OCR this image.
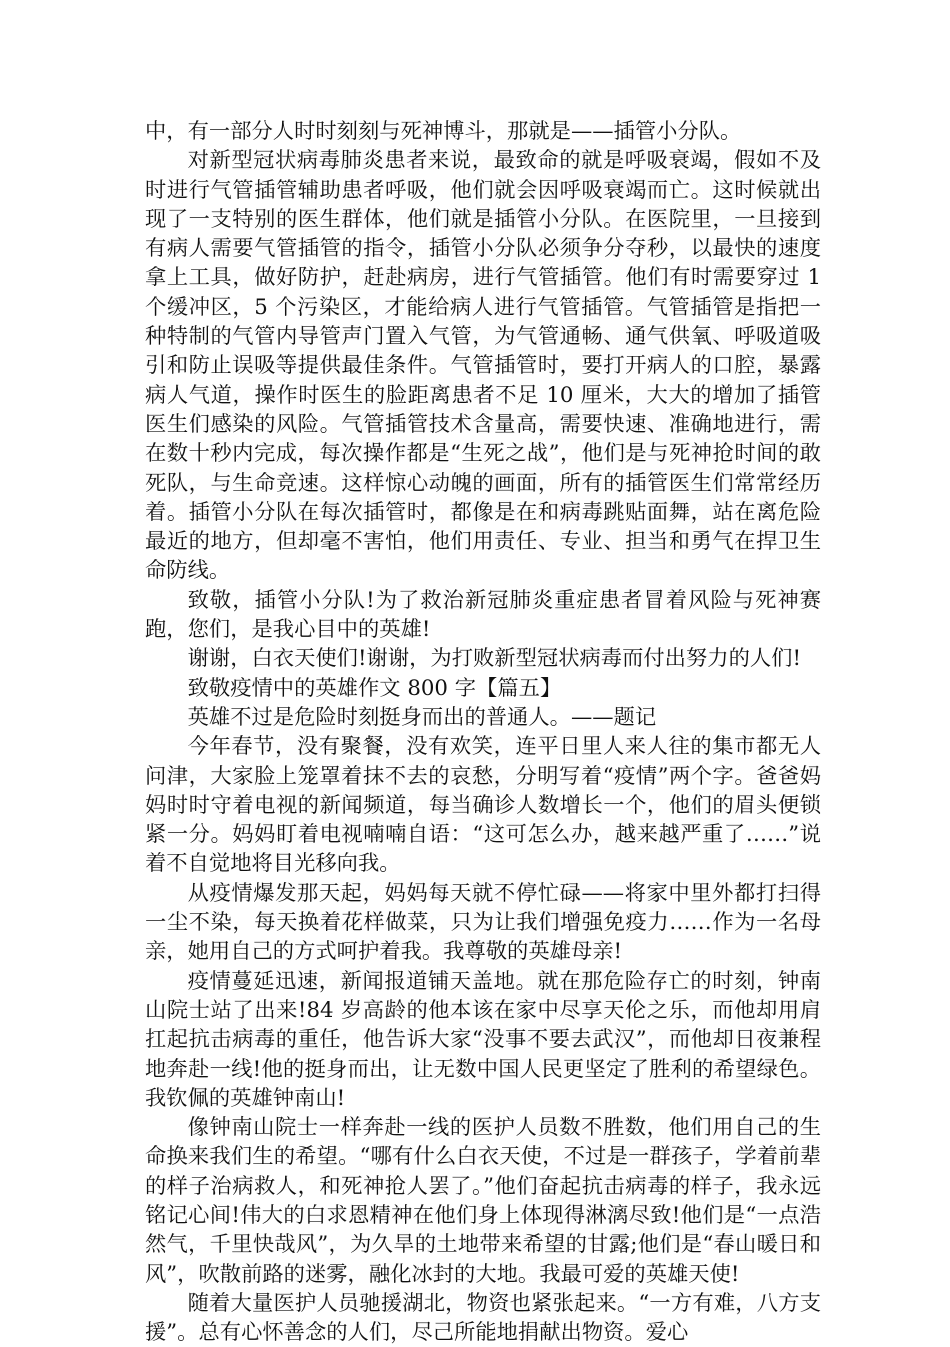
中，有一部分人时时刻刻与死神博斗，那就是——插管小分队。

对新型冠状病毒肺炎患者来说，最致命的就是呼吸衰竭，假如不及时进行气管插管辅助患者呼吸，他们就会因呼吸衰竭而亡。这时候就出现了一支特别的医生群体，他们就是插管小分队。在医院里，一旦接到有病人需要气管插管的指令，插管小分队必须争分夺秒，以最快的速度拿上工具，做好防护，赶赴病房，进行气管插管。他们有时需要穿过 1 个缓冲区，5 个污染区，才能给病人进行气管插管。气管插管是指把一种特制的气管内导管声门置入气管，为气管通畅、通气供氧、呼吸道吸引和防止误吸等提供最佳条件。气管插管时，要打开病人的口腔，暴露病人气道，操作时医生的脸距离患者不足 10 厘米，大大的增加了插管医生们感染的风险。气管插管技术含量高，需要快速、准确地进行，需在数十秒内完成，每次操作都是“生死之战”，他们是与死神抢时间的敢死队，与生命竞速。这样惊心动魄的画面，所有的插管医生们常常经历着。插管小分队在每次插管时，都像是在和病毒跳贴面舞，站在离危险最近的地方，但却毫不害怕，他们用责任、专业、担当和勇气在捍卫生命防线。

致敬，插管小分队!为了救治新冠肺炎重症患者冒着风险与死神赛跑，您们，是我心目中的英雄!

谢谢，白衣天使们!谢谢，为打败新型冠状病毒而付出努力的人们!

致敬疫情中的英雄作文 800 字【篇五】

英雄不过是危险时刻挺身而出的普通人。——题记

今年春节，没有聚餐，没有欢笑，连平日里人来人往的集市都无人问津，大家脸上笼罩着抹不去的哀愁，分明写着“疫情”两个字。爸爸妈妈时时守着电视的新闻频道，每当确诊人数增长一个，他们的眉头便锁紧一分。妈妈盯着电视喃喃自语：“这可怎么办，越来越严重了……”说着不自觉地将目光移向我。

从疫情爆发那天起，妈妈每天就不停忙碌——将家中里外都打扫得一尘不染，每天换着花样做菜，只为让我们增强免疫力……作为一名母亲，她用自己的方式呵护着我。我尊敬的英雄母亲!

疫情蔓延迅速，新闻报道铺天盖地。就在那危险存亡的时刻，钟南山院士站了出来!84 岁高龄的他本该在家中尽享天伦之乐，而他却用肩扛起抗击病毒的重任，他告诉大家“没事不要去武汉”，而他却日夜兼程地奔赴一线!他的挺身而出，让无数中国人民更坚定了胜利的希望绿色。我钦佩的英雄钟南山!

像钟南山院士一样奔赴一线的医护人员数不胜数，他们用自己的生命换来我们生的希望。“哪有什么白衣天使，不过是一群孩子，学着前辈的样子治病救人，和死神抢人罢了。”他们奋起抗击病毒的样子，我永远铭记心间!伟大的白求恩精神在他们身上体现得淋漓尽致!他们是“一点浩然气，千里快哉风”，为久旱的土地带来希望的甘露;他们是“春山暖日和风”，吹散前路的迷雾，融化冰封的大地。我最可爱的英雄天使!

随着大量医护人员驰援湖北，物资也紧张起来。“一方有难，八方支援”。总有心怀善念的人们，尽己所能地捐献出物资。爱心
